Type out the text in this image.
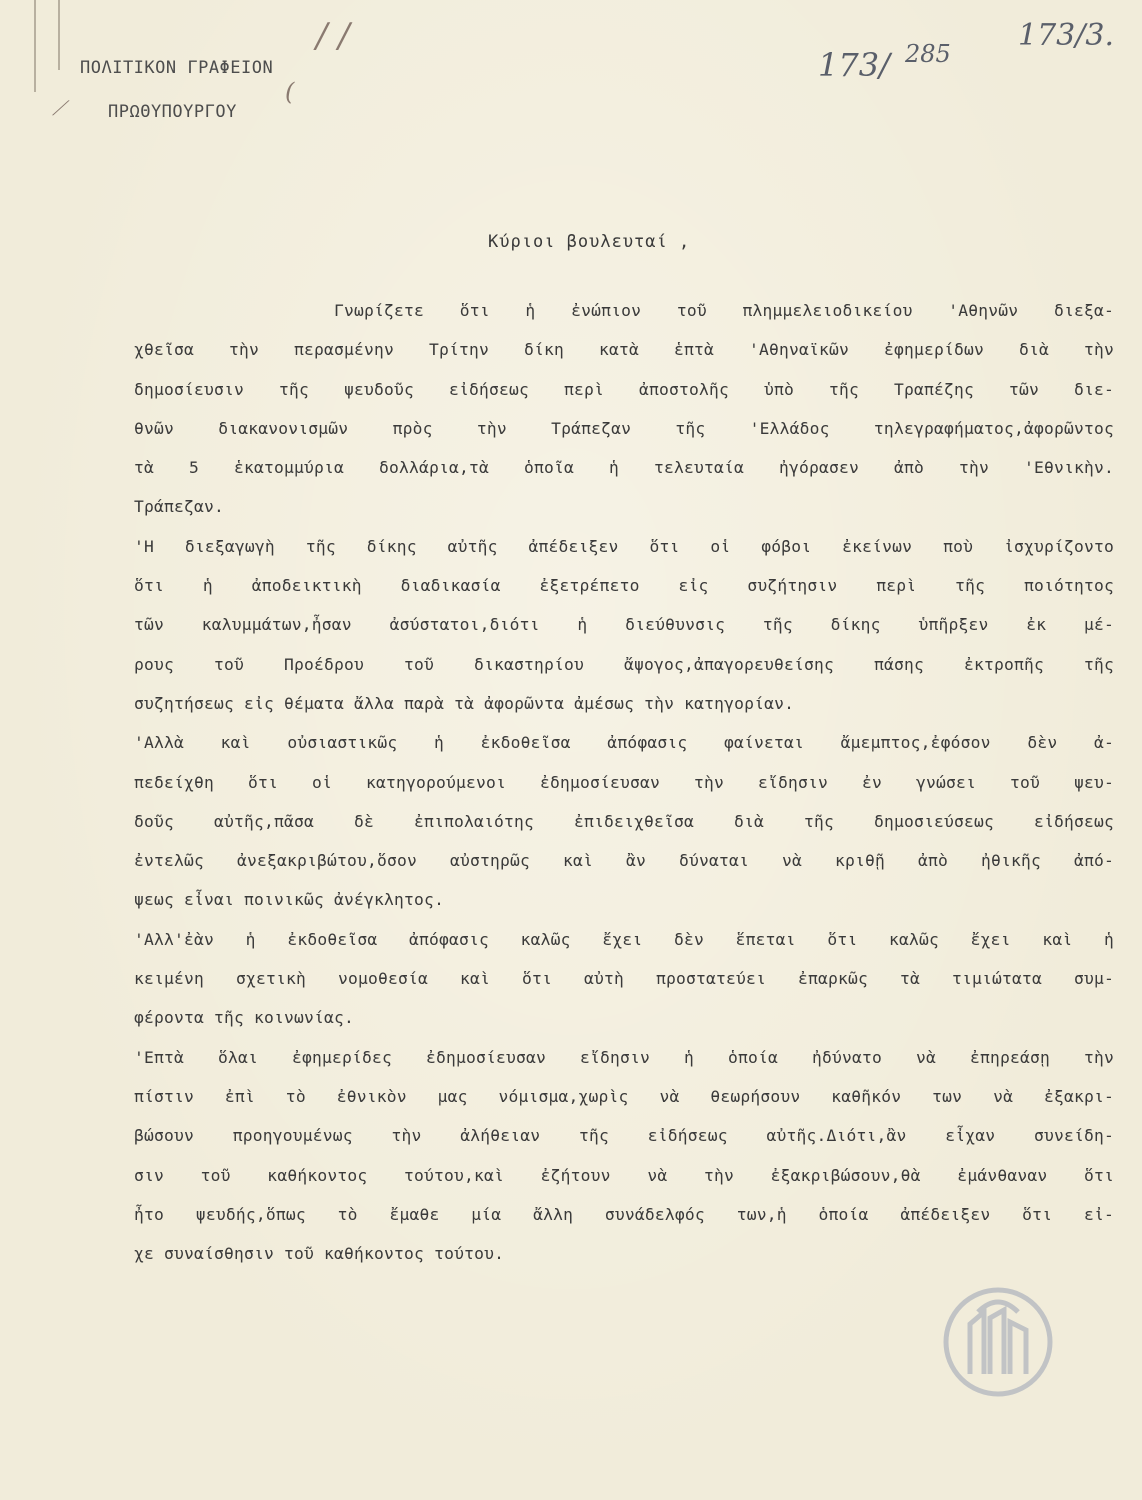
ΠΟΛΙΤΙΚΟΝ ΓΡΑΦΕΙΟΝ
ΠΡΩΘΥΠΟΥΡΓΟΥ
/ /
(
⟋
173/3.
173/ 285
Κύριοι βουλευταί ,
Γνωρίζετε ὅτι ἡ ἐνώπιον τοῦ πλημμελειοδικείου 'Αθηνῶν διεξα-
χθεῖσα τὴν περασμένην Τρίτην δίκη κατὰ ἑπτὰ 'Αθηναϊκῶν ἐφημερίδων διὰ τὴν
δημοσίευσιν τῆς ψευδοῦς εἰδήσεως περὶ ἀποστολῆς ὑπὸ τῆς Τραπέζης τῶν διε-
θνῶν διακανονισμῶν πρὸς τὴν Τράπεζαν τῆς 'Ελλάδος τηλεγραφήματος,ἀφορῶντος
τὰ 5 ἑκατομμύρια δολλάρια,τὰ ὁποῖα ἡ τελευταία ἠγόρασεν ἀπὸ τὴν 'Εθνικὴν.
Τράπεζαν.
'Η διεξαγωγὴ τῆς δίκης αὐτῆς ἀπέδειξεν ὅτι οἱ φόβοι ἐκείνων ποὺ ἰσχυρίζοντο
ὅτι ἡ ἀποδεικτικὴ διαδικασία ἐξετρέπετο εἰς συζήτησιν περὶ τῆς ποιότητος
τῶν καλυμμάτων,ἦσαν ἀσύστατοι,διότι ἡ διεύθυνσις τῆς δίκης ὑπῆρξεν ἐκ μέ-
ρους τοῦ Προέδρου τοῦ δικαστηρίου ἄψογος,ἀπαγορευθείσης πάσης ἐκτροπῆς τῆς
συζητήσεως εἰς θέματα ἄλλα παρὰ τὰ ἀφορῶντα ἀμέσως τὴν κατηγορίαν.
'Αλλὰ καὶ οὐσιαστικῶς ἡ ἐκδοθεῖσα ἀπόφασις φαίνεται ἄμεμπτος,ἐφόσον δὲν ἀ-
πεδείχθη ὅτι οἱ κατηγορούμενοι ἐδημοσίευσαν τὴν εἴδησιν ἐν γνώσει τοῦ ψευ-
δοῦς αὐτῆς,πᾶσα δὲ ἐπιπολαιότης ἐπιδειχθεῖσα διὰ τῆς δημοσιεύσεως εἰδήσεως
ἐντελῶς ἀνεξακριβώτου,ὅσον αὐστηρῶς καὶ ἂν δύναται νὰ κριθῇ ἀπὸ ἠθικῆς ἀπό-
ψεως εἶναι ποινικῶς ἀνέγκλητος.
'Αλλ'ἐὰν ἡ ἐκδοθεῖσα ἀπόφασις καλῶς ἔχει δὲν ἕπεται ὅτι καλῶς ἔχει καὶ ἡ
κειμένη σχετικὴ νομοθεσία καὶ ὅτι αὐτὴ προστατεύει ἐπαρκῶς τὰ τιμιώτατα συμ-
φέροντα τῆς κοινωνίας.
'Επτὰ ὅλαι ἐφημερίδες ἐδημοσίευσαν εἴδησιν ἡ ὁποία ἠδύνατο νὰ ἐπηρεάσῃ τὴν
πίστιν ἐπὶ τὸ ἐθνικὸν μας νόμισμα,χωρὶς νὰ θεωρήσουν καθῆκόν των νὰ ἐξακρι-
βώσουν προηγουμένως τὴν ἀλήθειαν τῆς εἰδήσεως αὐτῆς.Διότι,ἂν εἶχαν συνείδη-
σιν τοῦ καθήκοντος τούτου,καὶ ἐζήτουν νὰ τὴν ἐξακριβώσουν,θὰ ἐμάνθαναν ὅτι
ἦτο ψευδής,ὅπως τὸ ἔμαθε μία ἄλλη συνάδελφός των,ἡ ὁποία ἀπέδειξεν ὅτι εἰ-
χε συναίσθησιν τοῦ καθήκοντος τούτου.
